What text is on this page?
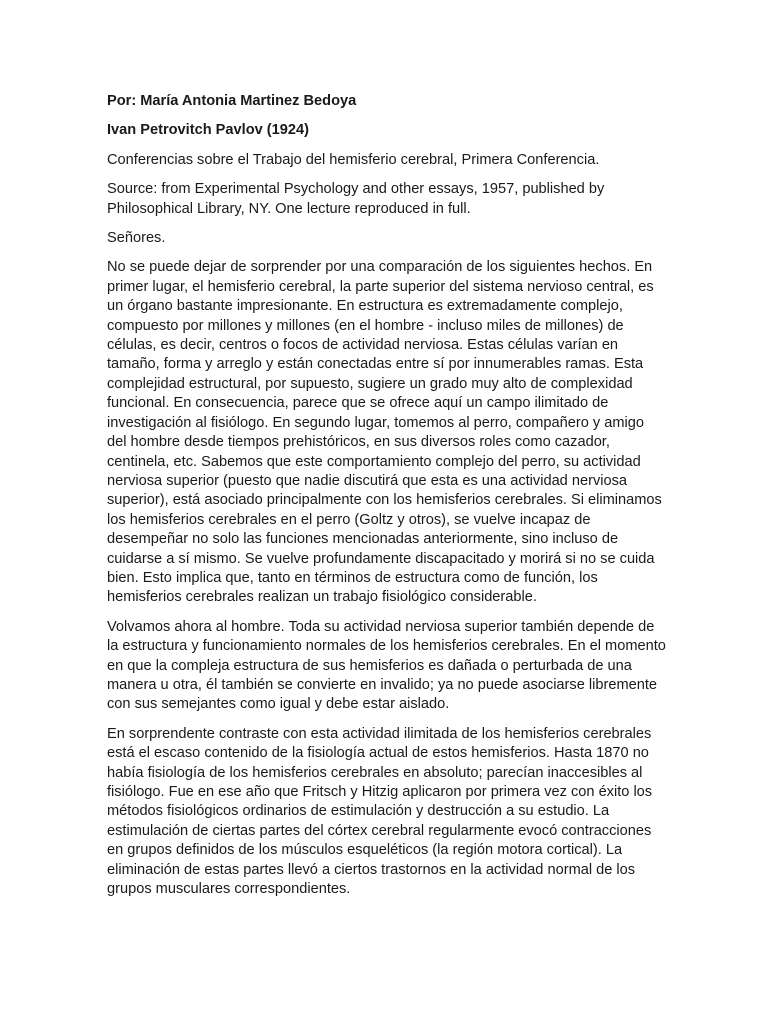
Por: María Antonia Martinez Bedoya

Ivan Petrovitch Pavlov (1924)

Conferencias sobre el Trabajo del hemisferio cerebral, Primera Conferencia.

Source: from Experimental Psychology and other essays, 1957, published by Philosophical Library, NY. One lecture reproduced in full.

Señores.

No se puede dejar de sorprender por una comparación de los siguientes hechos. En primer lugar, el hemisferio cerebral, la parte superior del sistema nervioso central, es un órgano bastante impresionante. En estructura es extremadamente complejo, compuesto por millones y millones (en el hombre - incluso miles de millones) de células, es decir, centros o focos de actividad nerviosa. Estas células varían en tamaño, forma y arreglo y están conectadas entre sí por innumerables ramas. Esta complejidad estructural, por supuesto, sugiere un grado muy alto de complexidad funcional. En consecuencia, parece que se ofrece aquí un campo ilimitado de investigación al fisiólogo. En segundo lugar, tomemos al perro, compañero y amigo del hombre desde tiempos prehistóricos, en sus diversos roles como cazador, centinela, etc. Sabemos que este comportamiento complejo del perro, su actividad nerviosa superior (puesto que nadie discutirá que esta es una actividad nerviosa superior), está asociado principalmente con los hemisferios cerebrales. Si eliminamos los hemisferios cerebrales en el perro (Goltz y otros), se vuelve incapaz de desempeñar no solo las funciones mencionadas anteriormente, sino incluso de cuidarse a sí mismo. Se vuelve profundamente discapacitado y morirá si no se cuida bien. Esto implica que, tanto en términos de estructura como de función, los hemisferios cerebrales realizan un trabajo fisiológico considerable.

Volvamos ahora al hombre. Toda su actividad nerviosa superior también depende de la estructura y funcionamiento normales de los hemisferios cerebrales. En el momento en que la compleja estructura de sus hemisferios es dañada o perturbada de una manera u otra, él también se convierte en invalido; ya no puede asociarse libremente con sus semejantes como igual y debe estar aislado.

En sorprendente contraste con esta actividad ilimitada de los hemisferios cerebrales está el escaso contenido de la fisiología actual de estos hemisferios. Hasta 1870 no había fisiología de los hemisferios cerebrales en absoluto; parecían inaccesibles al fisiólogo. Fue en ese año que Fritsch y Hitzig aplicaron por primera vez con éxito los métodos fisiológicos ordinarios de estimulación y destrucción a su estudio. La estimulación de ciertas partes del córtex cerebral regularmente evocó contracciones en grupos definidos de los músculos esqueléticos (la región motora cortical). La eliminación de estas partes llevó a ciertos trastornos en la actividad normal de los grupos musculares correspondientes.
